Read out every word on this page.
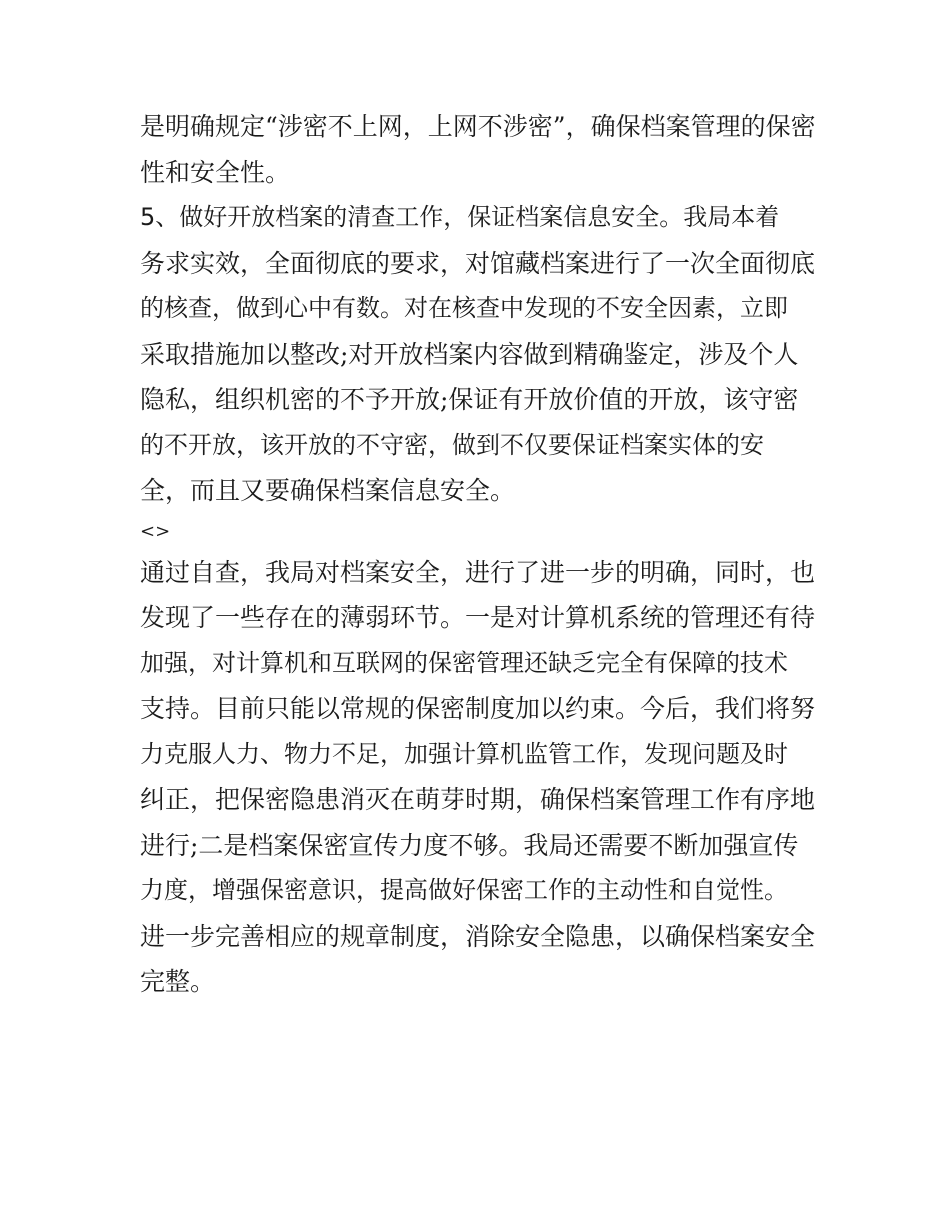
是明确规定“涉密不上网，上网不涉密”，确保档案管理的保密
性和安全性。
5、做好开放档案的清查工作，保证档案信息安全。我局本着
务求实效，全面彻底的要求，对馆藏档案进行了一次全面彻底
的核查，做到心中有数。对在核查中发现的不安全因素，立即
采取措施加以整改;对开放档案内容做到精确鉴定，涉及个人
隐私，组织机密的不予开放;保证有开放价值的开放，该守密
的不开放，该开放的不守密，做到不仅要保证档案实体的安
全，而且又要确保档案信息安全。
<>
通过自查，我局对档案安全，进行了进一步的明确，同时，也
发现了一些存在的薄弱环节。一是对计算机系统的管理还有待
加强，对计算机和互联网的保密管理还缺乏完全有保障的技术
支持。目前只能以常规的保密制度加以约束。今后，我们将努
力克服人力、物力不足，加强计算机监管工作，发现问题及时
纠正，把保密隐患消灭在萌芽时期，确保档案管理工作有序地
进行;二是档案保密宣传力度不够。我局还需要不断加强宣传
力度，增强保密意识，提高做好保密工作的主动性和自觉性。
进一步完善相应的规章制度，消除安全隐患，以确保档案安全
完整。
